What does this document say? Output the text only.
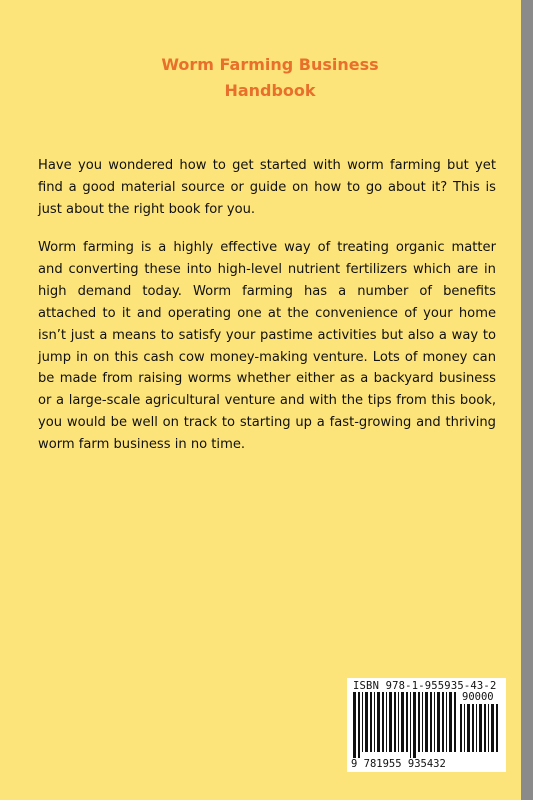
Worm Farming Business
Handbook

Have you wondered how to get started with worm farming but yet find a good material source or guide on how to go about it? This is just about the right book for you.

Worm farming is a highly effective way of treating organic matter and converting these into high-level nutrient fertilizers which are in high demand today. Worm farming has a number of benefits attached to it and operating one at the convenience of your home isn’t just a means to satisfy your pastime activities but also a way to jump in on this cash cow money-making venture. Lots of money can be made from raising worms whether either as a backyard business or a large-scale agricultural venture and with the tips from this book, you would be well on track to starting up a fast-growing and thriving worm farm business in no time.

ISBN 978-1-955935-43-2
90000
9 781955 935432
